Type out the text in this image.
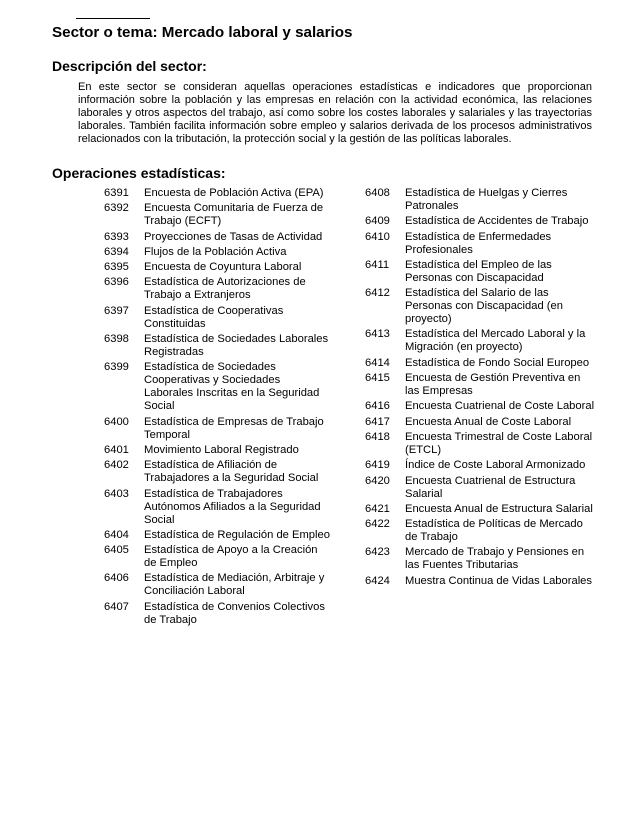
Sector o tema: Mercado laboral y salarios
Descripción del sector:

En este sector se consideran aquellas operaciones estadísticas e indicadores que proporcionan información sobre la población y las empresas en relación con la actividad económica, las relaciones laborales y otros aspectos del trabajo, así como sobre los costes laborales y salariales y las trayectorias laborales. También facilita información sobre empleo y salarios derivada de los procesos administrativos relacionados con la tributación, la protección social y la gestión de las políticas laborales.

Operaciones estadísticas:
6391	Encuesta de Población Activa (EPA)
6392	Encuesta Comunitaria de Fuerza de Trabajo (ECFT)
6393	Proyecciones de Tasas de Actividad
6394	Flujos de la Población Activa
6395	Encuesta de Coyuntura Laboral
6396	Estadística de Autorizaciones de Trabajo a Extranjeros
6397	Estadística de Cooperativas Constituidas
6398	Estadística de Sociedades Laborales Registradas
6399	Estadística de Sociedades Cooperativas y Sociedades Laborales Inscritas en la Seguridad Social
6400	Estadística de Empresas de Trabajo Temporal
6401	Movimiento Laboral Registrado
6402	Estadística de Afiliación de Trabajadores a la Seguridad Social
6403	Estadística de Trabajadores Autónomos Afiliados a la Seguridad Social
6404	Estadística de Regulación de Empleo
6405	Estadística de Apoyo a la Creación de Empleo
6406	Estadística de Mediación, Arbitraje y Conciliación Laboral
6407	Estadística de Convenios Colectivos de Trabajo
6408	Estadística de Huelgas y Cierres Patronales
6409	Estadística de Accidentes de Trabajo
6410	Estadística de Enfermedades Profesionales
6411	Estadística del Empleo de las Personas con Discapacidad
6412	Estadística del Salario de las Personas con Discapacidad (en proyecto)
6413	Estadística del Mercado Laboral y la Migración (en proyecto)
6414	Estadística de Fondo Social Europeo
6415	Encuesta de Gestión Preventiva en las Empresas
6416	Encuesta Cuatrienal de Coste Laboral
6417	Encuesta Anual de Coste Laboral
6418	Encuesta Trimestral de Coste Laboral (ETCL)
6419	Índice de Coste Laboral Armonizado
6420	Encuesta Cuatrienal de Estructura Salarial
6421	Encuesta Anual de Estructura Salarial
6422	Estadística de Políticas de Mercado de Trabajo
6423	Mercado de Trabajo y Pensiones en las Fuentes Tributarias
6424	Muestra Continua de Vidas Laborales
